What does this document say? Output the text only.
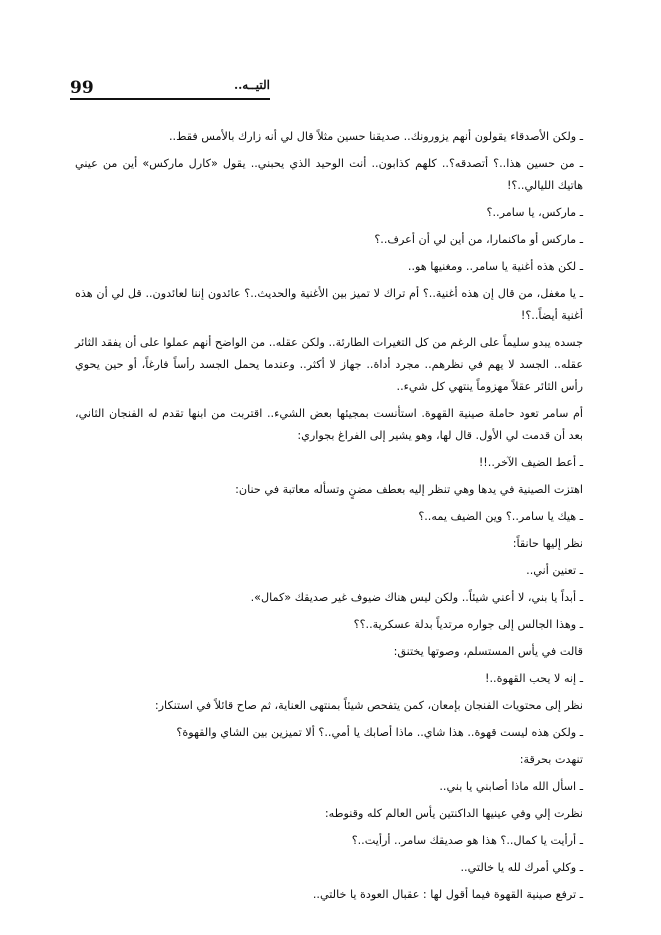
99	التيــه..

ـ ولكن الأصدقاء يقولون أنهم يزورونك.. صديقنا حسين مثلاً قال لي أنه زارك بالأمس فقط..

ـ من حسين هذا..؟ أتصدقه؟.. كلهم كذابون.. أنت الوحيد الذي يحبني.. يقول «كارل ماركس» أين من عيني هاتيك الليالي..؟!

ـ ماركس، يا سامر..؟

ـ ماركس أو ماكنمارا، من أين لي أن أعرف..؟

ـ لكن هذه أغنية يا سامر.. ومغنيها هو..

ـ يا مغفل، من قال إن هذه أغنية..؟ أم تراك لا تميز بين الأغنية والحديث..؟ عائدون إننا لعائدون.. قل لي أن هذه أغنية أيضاً..؟!

جسده يبدو سليماً على الرغم من كل التغيرات الطارئة.. ولكن عقله.. من الواضح أنهم عملوا على أن يفقد الثائر عقله.. الجسد لا يهم في نظرهم.. مجرد أداة.. جهاز لا أكثر.. وعندما يحمل الجسد رأساً فارغاً، أو حين يحوي رأس الثائر عقلاً مهزوماً ينتهي كل شيء..

أم سامر تعود حاملة صينية القهوة. استأنست بمجيئها بعض الشيء.. اقتربت من ابنها تقدم له الفنجان الثاني، بعد أن قدمت لي الأول. قال لها، وهو يشير إلى الفراغ بجواري:

ـ أعط الضيف الآخر..!!

اهتزت الصينية في يدها وهي تنظر إليه بعطف مضنٍ وتسأله معاتبة في حنان:

ـ هيك يا سامر..؟ وين الضيف يمه..؟

نظر إليها حانقاً:

ـ تعنين أني..

ـ أبداً يا بني، لا أعني شيئاً.. ولكن ليس هناك ضيوف غير صديقك «كمال».

ـ وهذا الجالس إلى جواره مرتدياً بدلة عسكرية..؟؟

قالت في يأس المستسلم، وصوتها يختنق:

ـ إنه لا يحب القهوة..!

نظر إلى محتويات الفنجان بإمعان، كمن يتفحص شيئاً بمنتهى العناية، ثم صاح قائلاً في استنكار:

ـ ولكن هذه ليست قهوة.. هذا شاي.. ماذا أصابك يا أمي..؟ ألا تميزين بين الشاي والقهوة؟

تنهدت بحرقة:

ـ اسأل الله ماذا أصابني يا بني..

نظرت إلي وفي عينيها الداكنتين يأس العالم كله وقنوطه:

ـ أرأيت يا كمال..؟ هذا هو صديقك سامر.. أرأيت..؟

ـ وكلي أمرك لله يا خالتي..

ـ ترفع صينية القهوة فيما أقول لها : عقبال العودة يا خالتي..
